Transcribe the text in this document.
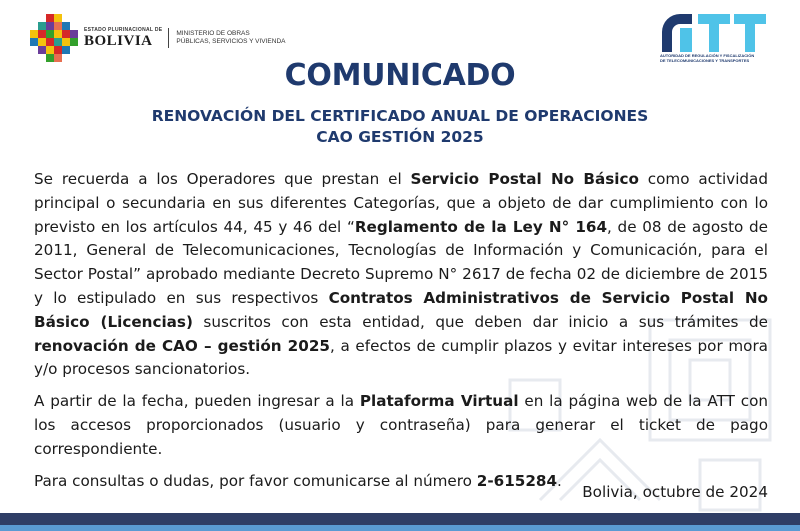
ESTADO PLURINACIONAL DE
BOLIVIA	MINISTERIO DE OBRAS
PÚBLICAS, SERVICIOS Y VIVIENDA
AUTORIDAD DE REGULACIÓN Y FISCALIZACIÓN
DE TELECOMUNICACIONES Y TRANSPORTES
COMUNICADO
RENOVACIÓN DEL CERTIFICADO ANUAL DE OPERACIONES
CAO GESTIÓN 2025

Se recuerda a los Operadores que prestan el Servicio Postal No Básico como actividad principal o secundaria en sus diferentes Categorías, que a objeto de dar cumplimiento con lo previsto en los artículos 44, 45 y 46 del “Reglamento de la Ley N° 164, de 08 de agosto de 2011, General de Telecomunicaciones, Tecnologías de Información y Comunicación, para el Sector Postal” aprobado mediante Decreto Supremo N° 2617 de fecha 02 de diciembre de 2015 y lo estipulado en sus respectivos Contratos Administrativos de Servicio Postal No Básico (Licencias) suscritos con esta entidad, que deben dar inicio a sus trámites de renovación de CAO – gestión 2025, a efectos de cumplir plazos y evitar intereses por mora y/o procesos sancionatorios.

A partir de la fecha, pueden ingresar a la Plataforma Virtual en la página web de la ATT con los accesos proporcionados (usuario y contraseña) para generar el ticket de pago correspondiente.

Para consultas o dudas, por favor comunicarse al número 2-615284.

Bolivia, octubre de 2024
